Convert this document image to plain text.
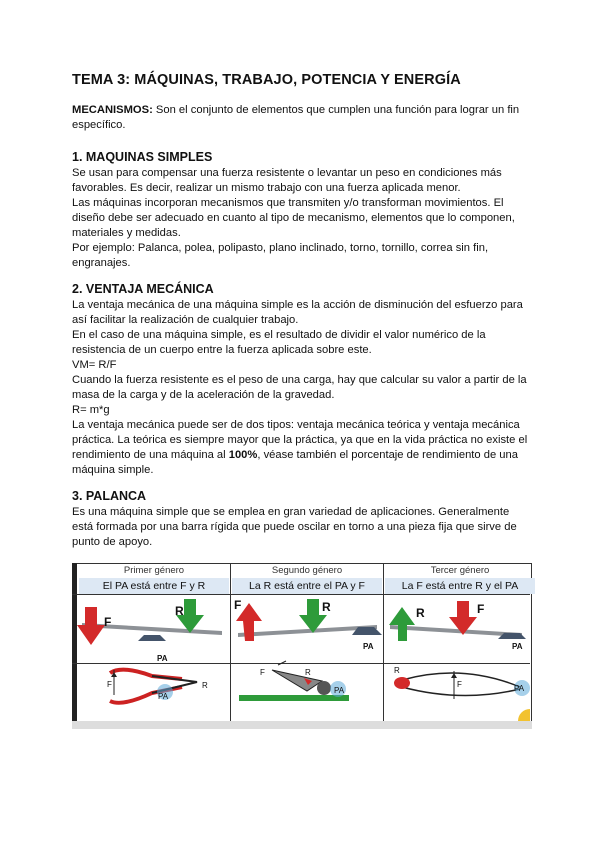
TEMA 3: MÁQUINAS, TRABAJO, POTENCIA Y ENERGÍA
MECANISMOS: Son el conjunto de elementos que cumplen una función para lograr un fin
específico.
1. MAQUINAS SIMPLES
Se usan para compensar una fuerza resistente o levantar un peso en condiciones más
favorables. Es decir, realizar un mismo trabajo con una fuerza aplicada menor.
Las máquinas incorporan mecanismos que transmiten y/o transforman movimientos. El
diseño debe ser adecuado en cuanto al tipo de mecanismo, elementos que lo componen,
materiales y medidas.
Por ejemplo: Palanca, polea, polipasto, plano inclinado, torno, tornillo, correa sin fin,
engranajes.
2. VENTAJA MECÁNICA
La ventaja mecánica de una máquina simple es la acción de disminución del esfuerzo para
así facilitar la realización de cualquier trabajo.
En el caso de una máquina simple, es el resultado de dividir el valor numérico de la
resistencia de un cuerpo entre la fuerza aplicada sobre este.
VM= R/F
Cuando la fuerza resistente es el peso de una carga, hay que calcular su valor a partir de la
masa de la carga y de la aceleración de la gravedad.
R= m*g
La ventaja mecánica puede ser de dos tipos: ventaja mecánica teórica y ventaja mecánica
práctica. La teórica es siempre mayor que la práctica, ya que en la vida práctica no existe el
rendimiento de una máquina al 100%, véase también el porcentaje de rendimiento de una
máquina simple.
3. PALANCA
Es una máquina simple que se emplea en gran variedad de aplicaciones. Generalmente
está formada por una barra rígida que puede oscilar en torno a una pieza fija que sirve de
punto de apoyo.
Primer género	Segundo género	Tercer género
El PA está entre F y R	La R está entre el PA y F	La F está entre R y el PA
F
R
PA
F	R
PA
F	R
PA
F	R
PA
R	F
PA
R
F	PA
